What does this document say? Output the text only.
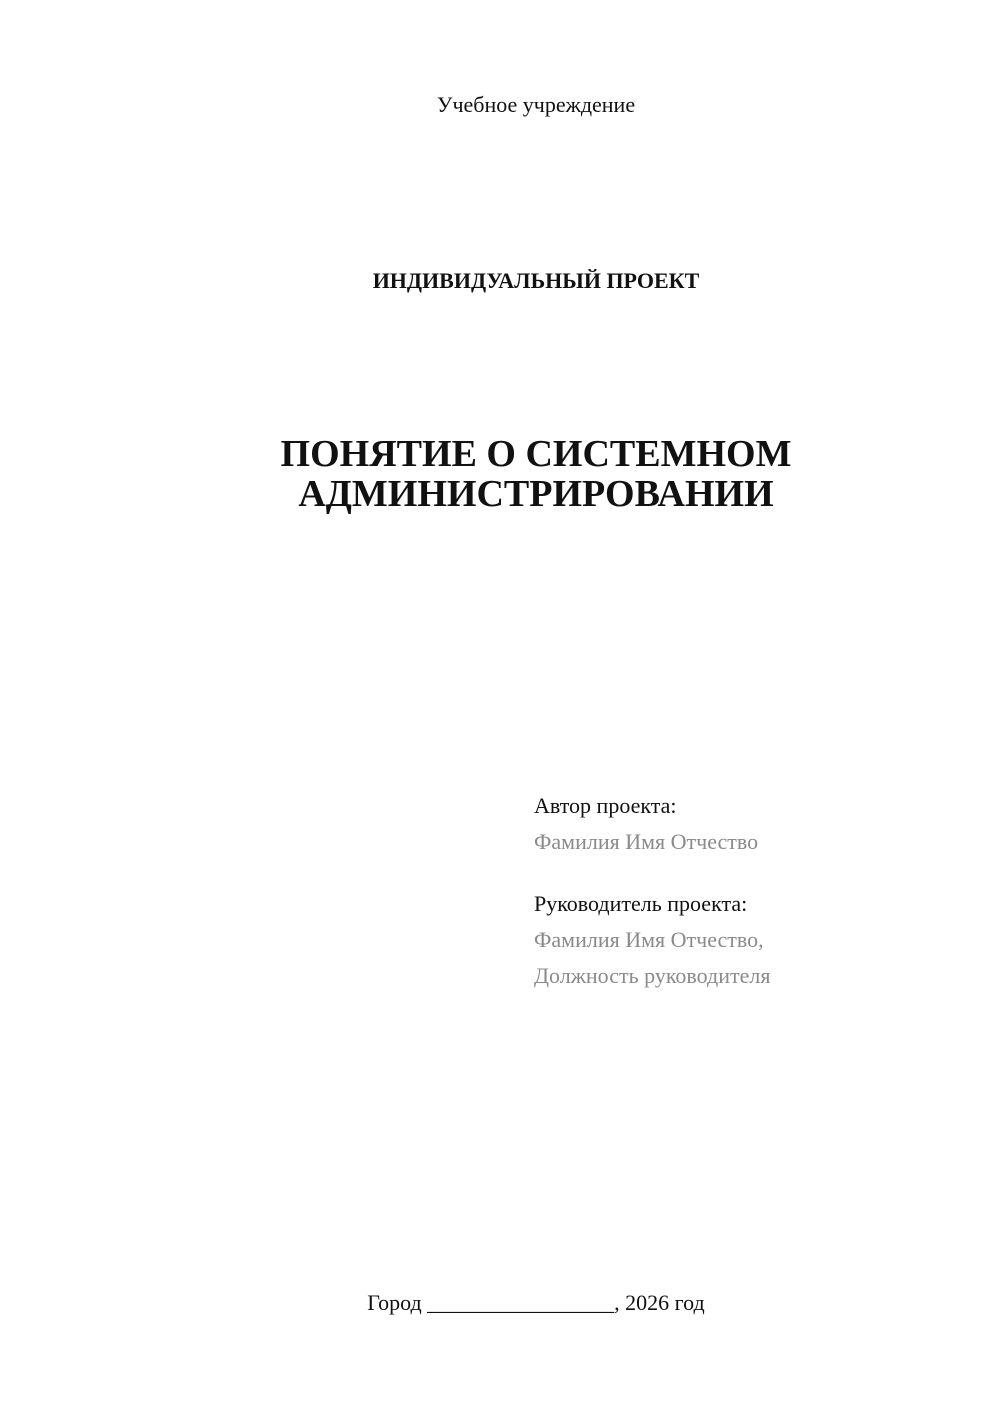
Учебное учреждение
ИНДИВИДУАЛЬНЫЙ ПРОЕКТ
ПОНЯТИЕ О СИСТЕМНОМ
АДМИНИСТРИРОВАНИИ
Автор проекта:
Фамилия Имя Отчество
Руководитель проекта:
Фамилия Имя Отчество,
Должность руководителя
Город _________________, 2026 год
